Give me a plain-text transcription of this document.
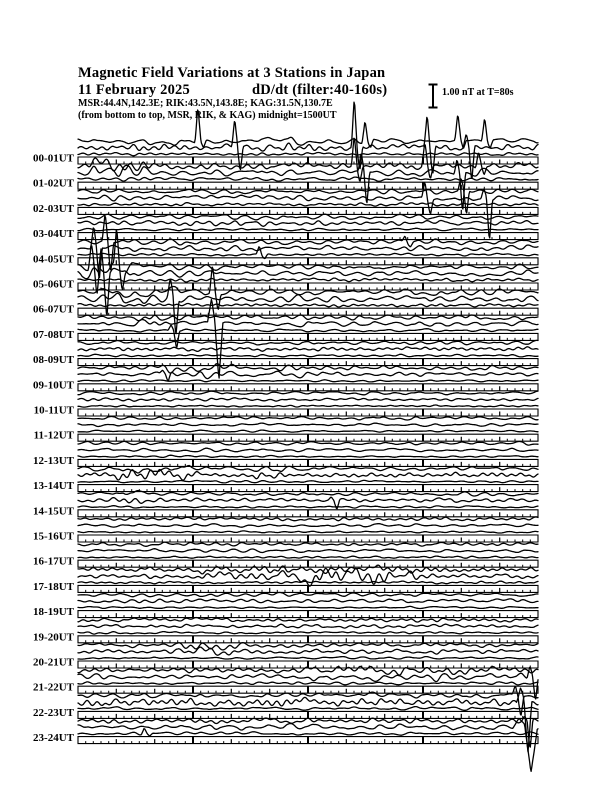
Magnetic Field Variations at 3 Stations in Japan
11 February 2025	dD/dt (filter:40-160s)
MSR:44.4N,142.3E; RIK:43.5N,143.8E; KAG:31.5N,130.7E
(from bottom to top, MSR, RIK, & KAG) midnight=1500UT
1.00 nT at T=80s
00-01UT
01-02UT
02-03UT
03-04UT
04-05UT
05-06UT
06-07UT
07-08UT
08-09UT
09-10UT
10-11UT
11-12UT
12-13UT
13-14UT
14-15UT
15-16UT
16-17UT
17-18UT
18-19UT
19-20UT
20-21UT
21-22UT
22-23UT
23-24UT
